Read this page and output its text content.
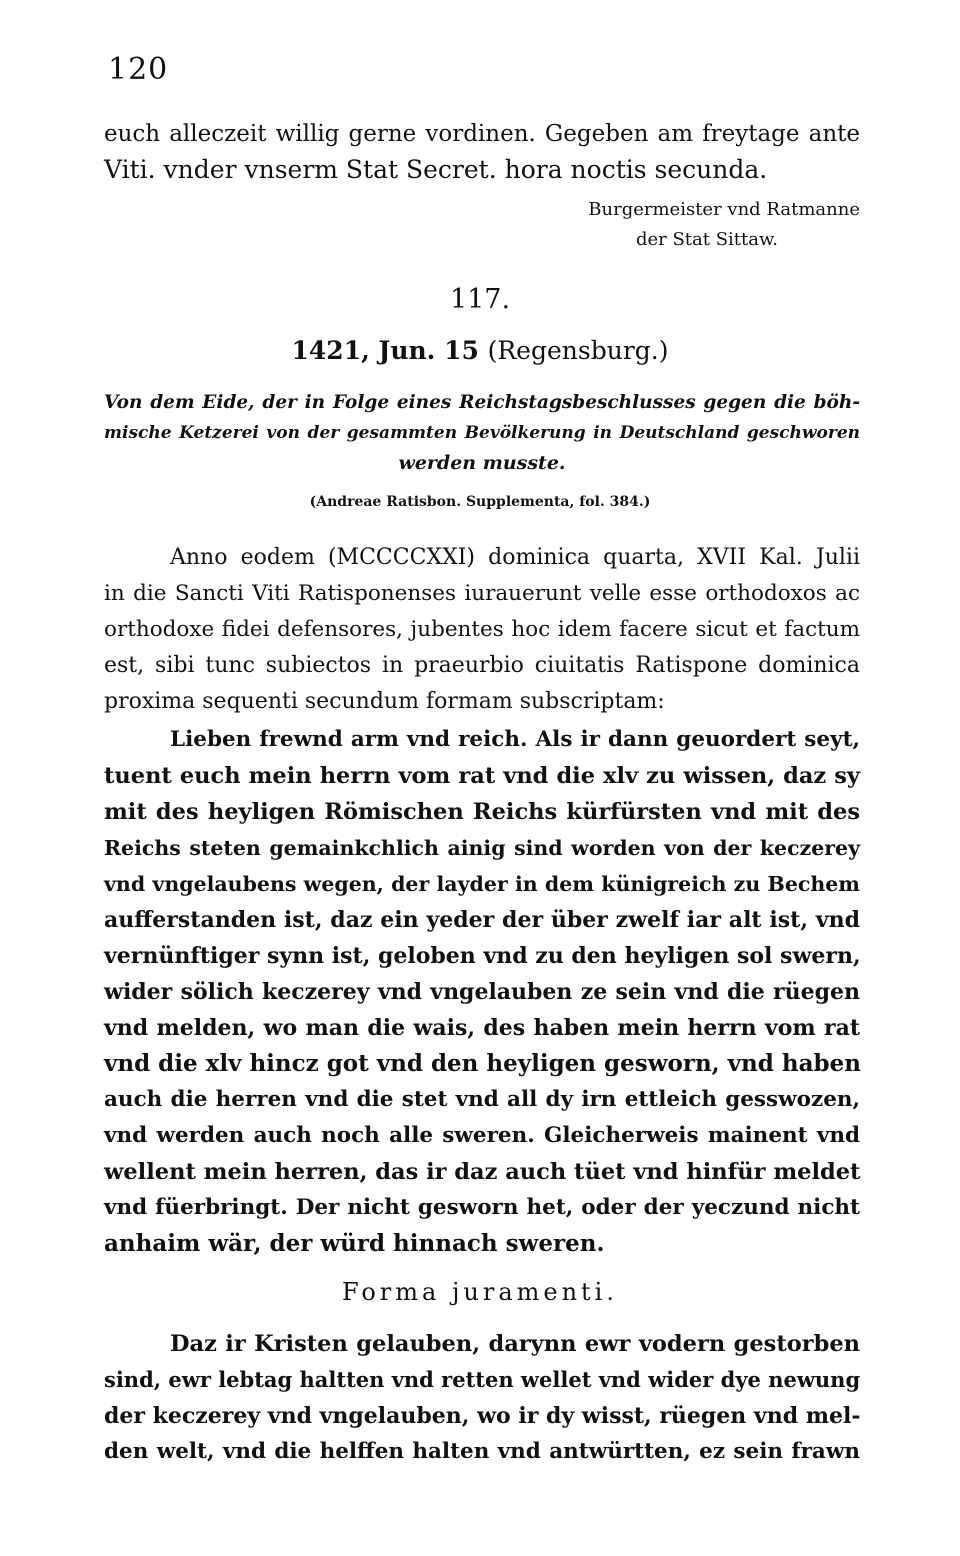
120
euch alleczeit willig gerne vordinen. Gegeben am freytage ante
Viti. vnder vnserm Stat Secret. hora noctis secunda.
Burgermeister vnd Ratmanne
der Stat Sittaw.
117.
1421, Jun. 15 (Regensburg.)
Von dem Eide, der in Folge eines Reichstagsbeschlusses gegen die böh-
mische Ketzerei von der gesammten Bevölkerung in Deutschland geschworen
werden musste.
(Andreae Ratisbon. Supplementa, fol. 384.)
Anno eodem (MCCCCXXI) dominica quarta, XVII Kal. Julii
in die Sancti Viti Ratisponenses iurauerunt velle esse orthodoxos ac
orthodoxe fidei defensores, jubentes hoc idem facere sicut et factum
est, sibi tunc subiectos in praeurbio ciuitatis Ratispone dominica
proxima sequenti secundum formam subscriptam:
Lieben frewnd arm vnd reich. Als ir dann geuordert seyt,
tuent euch mein herrn vom rat vnd die xlv zu wissen, daz sy
mit des heyligen Römischen Reichs kürfürsten vnd mit des
Reichs steten gemainkchlich ainig sind worden von der keczerey
vnd vngelaubens wegen, der layder in dem künigreich zu Bechem
aufferstanden ist, daz ein yeder der über zwelf iar alt ist, vnd
vernünftiger synn ist, geloben vnd zu den heyligen sol swern,
wider sölich keczerey vnd vngelauben ze sein vnd die rüegen
vnd melden, wo man die wais, des haben mein herrn vom rat
vnd die xlv hincz got vnd den heyligen gesworn, vnd haben
auch die herren vnd die stet vnd all dy irn ettleich gesswozen,
vnd werden auch noch alle sweren. Gleicherweis mainent vnd
wellent mein herren, das ir daz auch tüet vnd hinfür meldet
vnd füerbringt. Der nicht gesworn het, oder der yeczund nicht
anhaim wär, der würd hinnach sweren.
Forma juramenti.
Daz ir Kristen gelauben, darynn ewr vodern gestorben
sind, ewr lebtag haltten vnd retten wellet vnd wider dye newung
der keczerey vnd vngelauben, wo ir dy wisst, rüegen vnd mel-
den welt, vnd die helffen halten vnd antwürtten, ez sein frawn
